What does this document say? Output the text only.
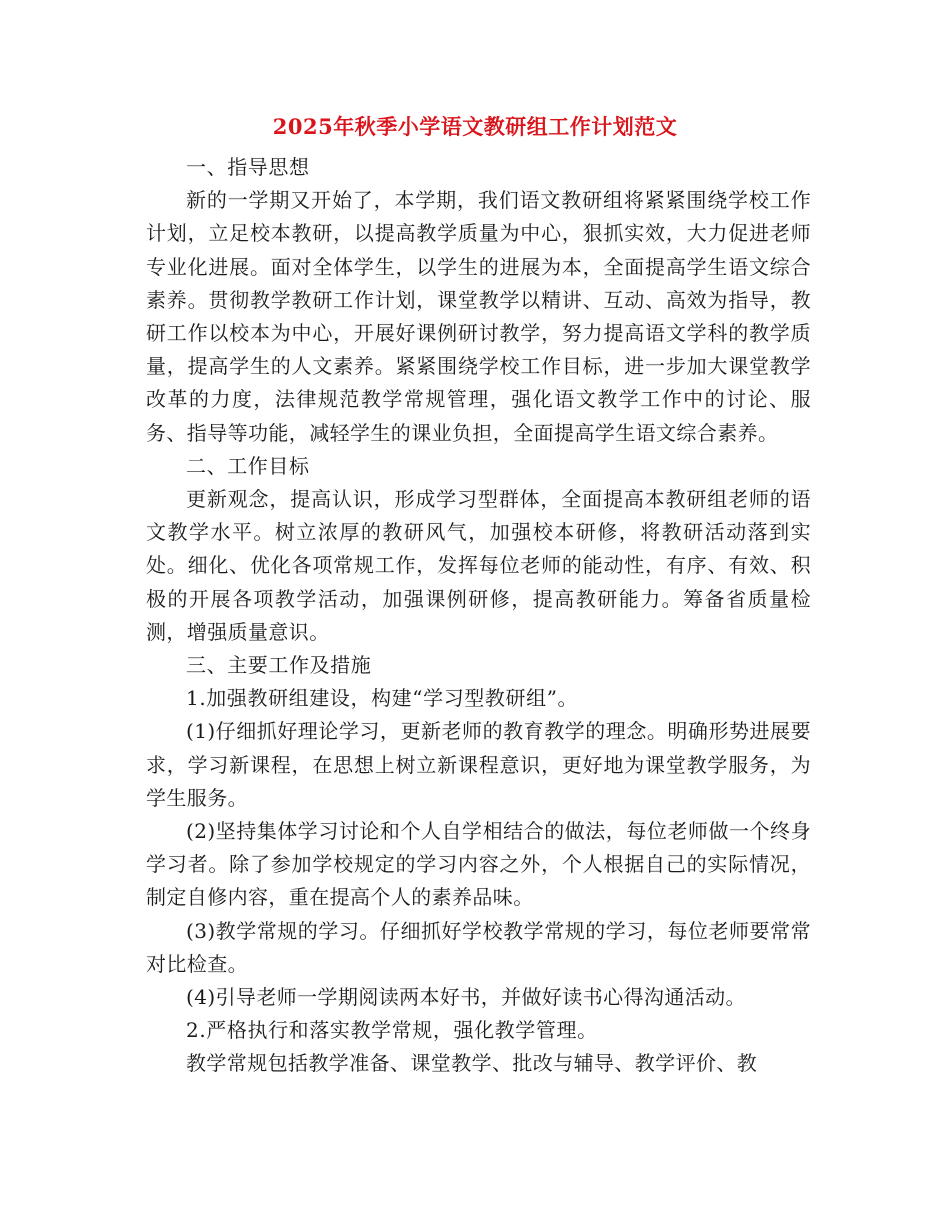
2025年秋季小学语文教研组工作计划范文

一、指导思想

新的一学期又开始了，本学期，我们语文教研组将紧紧围绕学校工作计划，立足校本教研，以提高教学质量为中心，狠抓实效，大力促进老师专业化进展。面对全体学生，以学生的进展为本，全面提高学生语文综合素养。贯彻教学教研工作计划，课堂教学以精讲、互动、高效为指导，教研工作以校本为中心，开展好课例研讨教学，努力提高语文学科的教学质量，提高学生的人文素养。紧紧围绕学校工作目标，进一步加大课堂教学改革的力度，法律规范教学常规管理，强化语文教学工作中的讨论、服务、指导等功能，减轻学生的课业负担，全面提高学生语文综合素养。

二、工作目标

更新观念，提高认识，形成学习型群体，全面提高本教研组老师的语文教学水平。树立浓厚的教研风气，加强校本研修，将教研活动落到实处。细化、优化各项常规工作，发挥每位老师的能动性，有序、有效、积极的开展各项教学活动，加强课例研修，提高教研能力。筹备省质量检测，增强质量意识。

三、主要工作及措施

1.加强教研组建设，构建“学习型教研组”。

(1)仔细抓好理论学习，更新老师的教育教学的理念。明确形势进展要求，学习新课程，在思想上树立新课程意识，更好地为课堂教学服务，为学生服务。

(2)坚持集体学习讨论和个人自学相结合的做法，每位老师做一个终身学习者。除了参加学校规定的学习内容之外，个人根据自己的实际情况，制定自修内容，重在提高个人的素养品味。

(3)教学常规的学习。仔细抓好学校教学常规的学习，每位老师要常常对比检查。

(4)引导老师一学期阅读两本好书，并做好读书心得沟通活动。

2.严格执行和落实教学常规，强化教学管理。

教学常规包括教学准备、课堂教学、批改与辅导、教学评价、教
